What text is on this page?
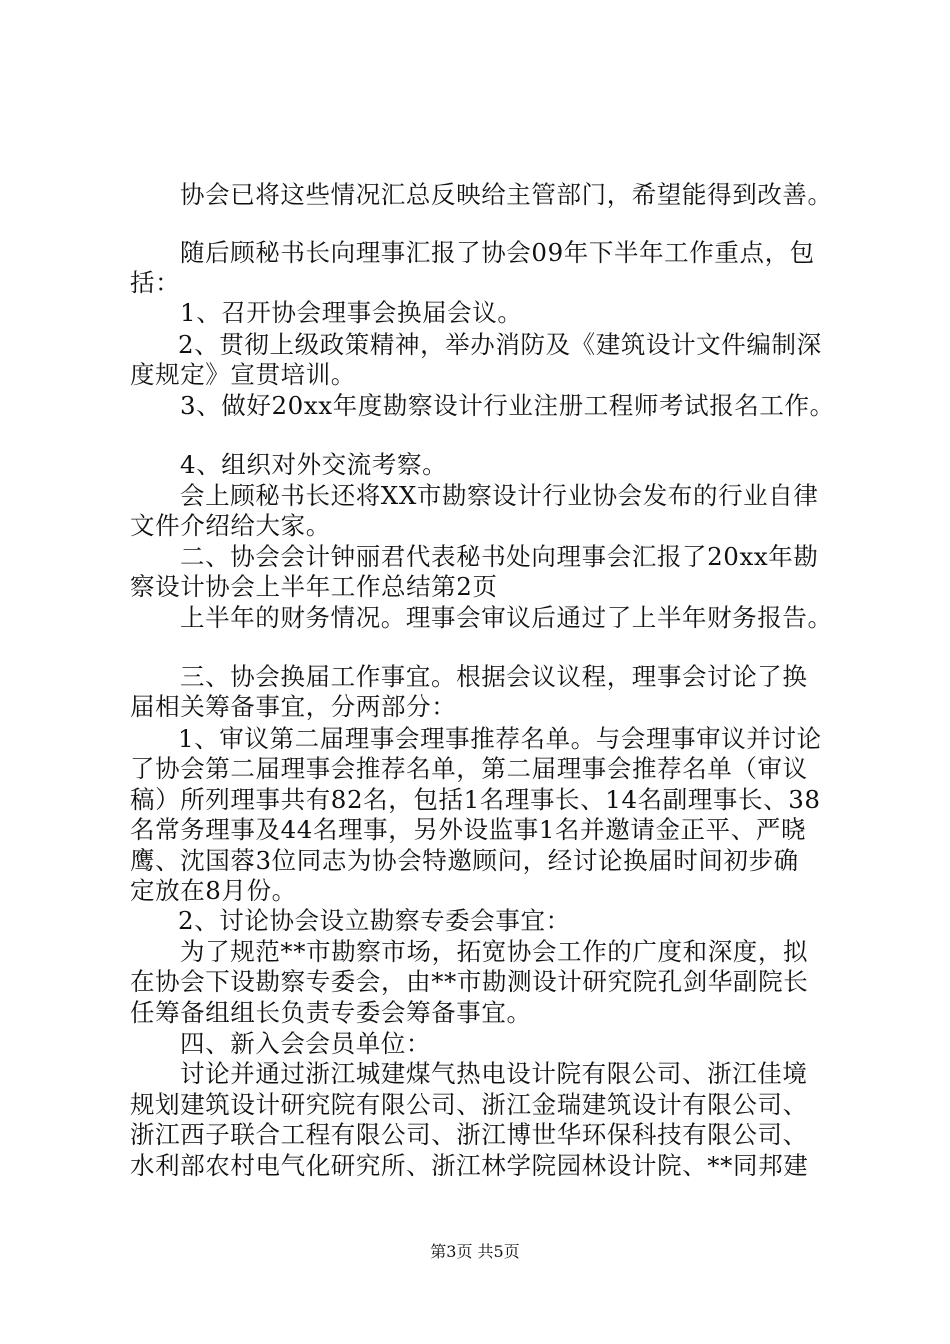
协会已将这些情况汇总反映给主管部门，希望能得到改善。
随后顾秘书长向理事汇报了协会09年下半年工作重点，包
括：
1、召开协会理事会换届会议。
2、贯彻上级政策精神，举办消防及《建筑设计文件编制深
度规定》宣贯培训。
3、做好20xx年度勘察设计行业注册工程师考试报名工作。
4、组织对外交流考察。
会上顾秘书长还将XX市勘察设计行业协会发布的行业自律
文件介绍给大家。
二、协会会计钟丽君代表秘书处向理事会汇报了20xx年勘
察设计协会上半年工作总结第2页
上半年的财务情况。理事会审议后通过了上半年财务报告。
三、协会换届工作事宜。根据会议议程，理事会讨论了换
届相关筹备事宜，分两部分：
1、审议第二届理事会理事推荐名单。与会理事审议并讨论
了协会第二届理事会推荐名单，第二届理事会推荐名单（审议
稿）所列理事共有82名，包括1名理事长、14名副理事长、38
名常务理事及44名理事，另外设监事1名并邀请金正平、严晓
鹰、沈国蓉3位同志为协会特邀顾问，经讨论换届时间初步确
定放在8月份。
2、讨论协会设立勘察专委会事宜：
为了规范**市勘察市场，拓宽协会工作的广度和深度，拟
在协会下设勘察专委会，由**市勘测设计研究院孔剑华副院长
任筹备组组长负责专委会筹备事宜。
四、新入会会员单位：
讨论并通过浙江城建煤气热电设计院有限公司、浙江佳境
规划建筑设计研究院有限公司、浙江金瑞建筑设计有限公司、
浙江西子联合工程有限公司、浙江博世华环保科技有限公司、
水利部农村电气化研究所、浙江林学院园林设计院、**同邦建
第3页 共5页
